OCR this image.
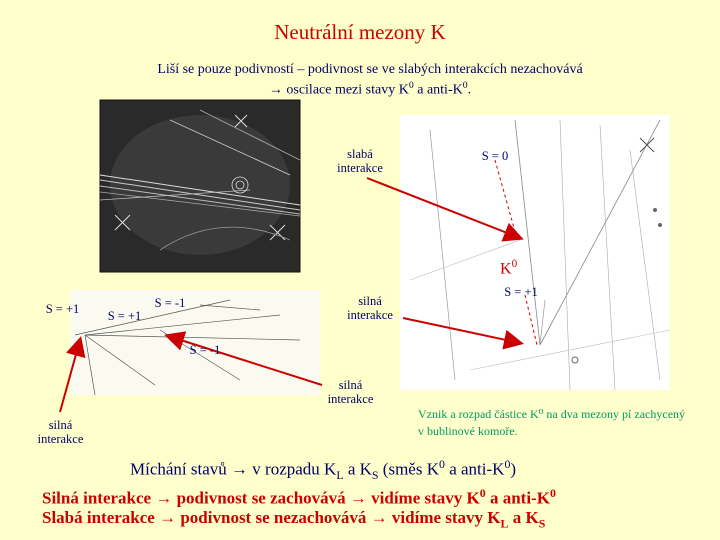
Neutrální mezony K
Liší se pouze podivností – podivnost se ve slabých interakcích nezachovává
→ oscilace mezi stavy $K^0$ a anti-$K^0$.
slabá interakce
S = 0
$K^0$
S = +1
silná interakce
S = +1	S = +1
S = -1
S = -1
silná interakce
silná interakce
Vznik a rozpad částice K⁰ na dva mezony pí zachycený v bublinové komoře.
Míchání stavů → v rozpadu $K_L$ a $K_S$ (směs $K^0$ a anti-$K^0$)
Silná interakce → podivnost se zachovává → vidíme stavy $K^0$ a anti-$K^0$
Slabá interakce → podivnost se nezachovává → vidíme stavy $K_L$ a $K_S$
